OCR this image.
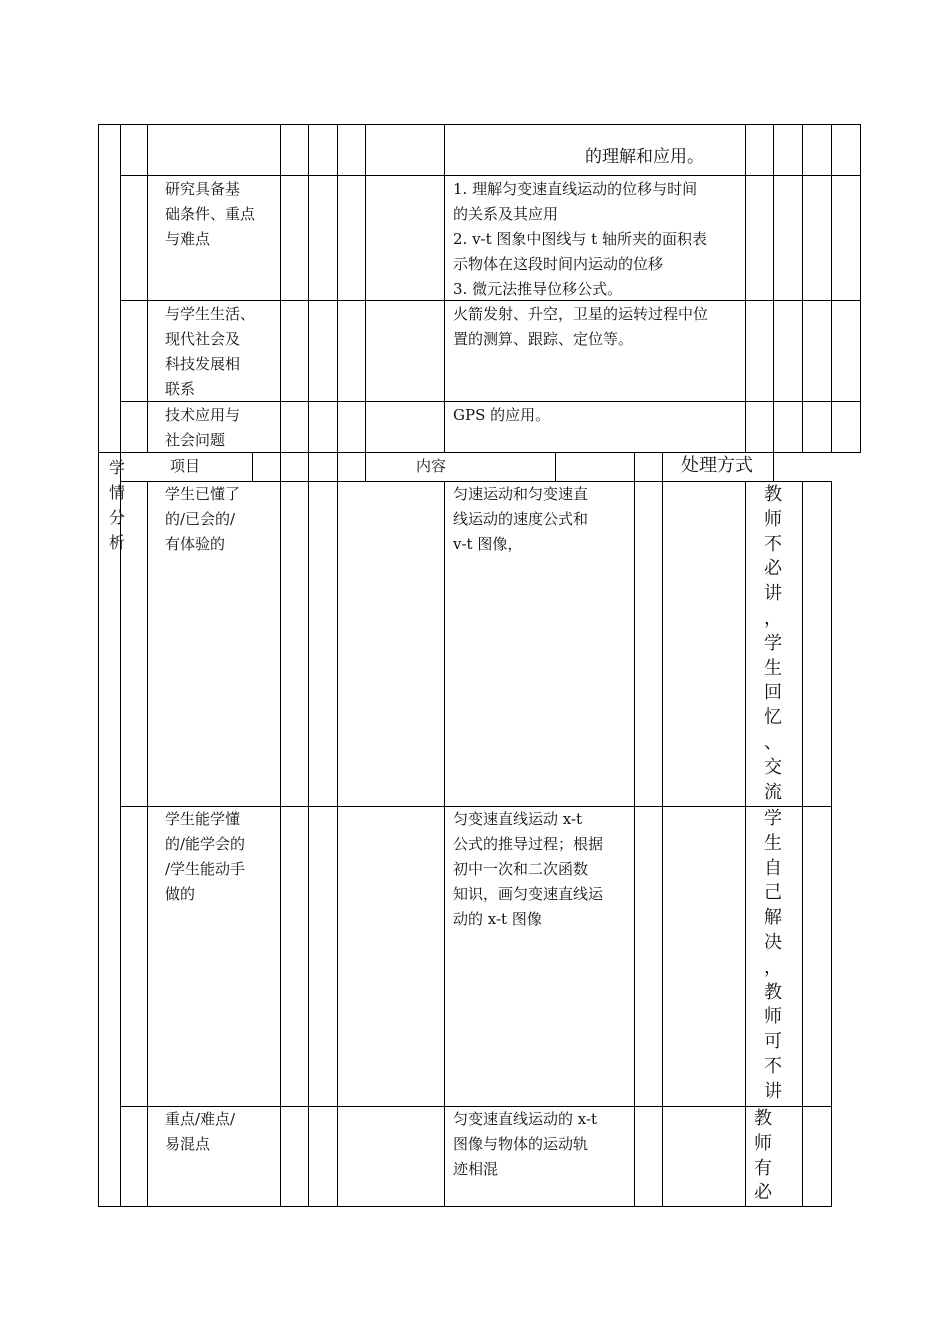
的理解和应用。
研究具备基
础条件、重点
与难点
1. 理解匀变速直线运动的位移与时间
的关系及其应用
2. v-t 图象中图线与 t 轴所夹的面积表
示物体在这段时间内运动的位移
3. 微元法推导位移公式。
与学生生活、
现代社会及
科技发展相
联系
火箭发射、升空，卫星的运转过程中位
置的测算、跟踪、定位等。
技术应用与
社会问题
GPS 的应用。
学
情
分
析
项目	内容	处理方式
学生已懂了
的/已会的/
有体验的
匀速运动和匀变速直
线运动的速度公式和
v-t 图像，
教
师
不
必
讲
，
学
生
回
忆
、
交
流
学生能学懂
的/能学会的
/学生能动手
做的
匀变速直线运动 x-t
公式的推导过程；根据
初中一次和二次函数
知识，画匀变速直线运
动的 x-t 图像
学
生
自
己
解
决
，
教
师
可
不
讲
重点/难点/
易混点
匀变速直线运动的 x-t
图像与物体的运动轨
迹相混
教
师
有
必
